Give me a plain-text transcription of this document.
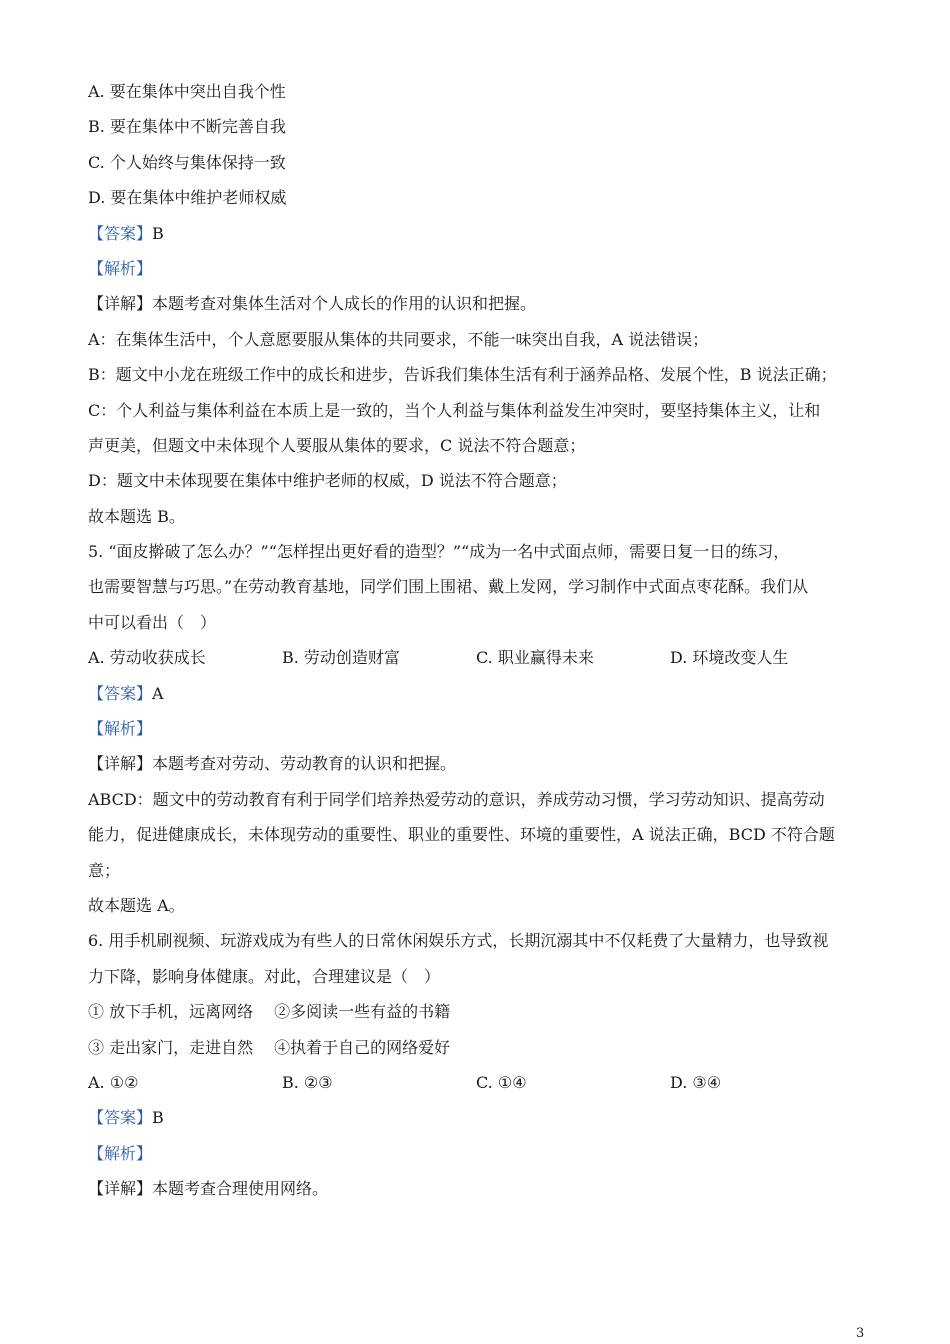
A. 要在集体中突出自我个性
B. 要在集体中不断完善自我
C. 个人始终与集体保持一致
D. 要在集体中维护老师权威
【答案】B
【解析】
【详解】本题考查对集体生活对个人成长的作用的认识和把握。
A：在集体生活中，个人意愿要服从集体的共同要求，不能一味突出自我，A 说法错误；
B：题文中小龙在班级工作中的成长和进步，告诉我们集体生活有利于涵养品格、发展个性，B 说法正确；
C：个人利益与集体利益在本质上是一致的，当个人利益与集体利益发生冲突时，要坚持集体主义，让和
声更美，但题文中未体现个人要服从集体的要求，C 说法不符合题意；
D：题文中未体现要在集体中维护老师的权威，D 说法不符合题意；
故本题选 B。
5. “面皮擀破了怎么办？”“怎样捏出更好看的造型？”“成为一名中式面点师，需要日复一日的练习，
也需要智慧与巧思。”在劳动教育基地，同学们围上围裙、戴上发网，学习制作中式面点枣花酥。我们从
中可以看出（　）
A. 劳动收获成长	B. 劳动创造财富	C. 职业赢得未来	D. 环境改变人生
【答案】A
【解析】
【详解】本题考查对劳动、劳动教育的认识和把握。
ABCD：题文中的劳动教育有利于同学们培养热爱劳动的意识，养成劳动习惯，学习劳动知识、提高劳动
能力，促进健康成长，未体现劳动的重要性、职业的重要性、环境的重要性，A 说法正确，BCD 不符合题
意；
故本题选 A。
6. 用手机刷视频、玩游戏成为有些人的日常休闲娱乐方式，长期沉溺其中不仅耗费了大量精力，也导致视
力下降，影响身体健康。对此，合理建议是（　）
① 放下手机，远离网络　 ②多阅读一些有益的书籍
③ 走出家门，走进自然　 ④执着于自己的网络爱好
A. ①②	B. ②③	C. ①④	D. ③④
【答案】B
【解析】
【详解】本题考查合理使用网络。
3
